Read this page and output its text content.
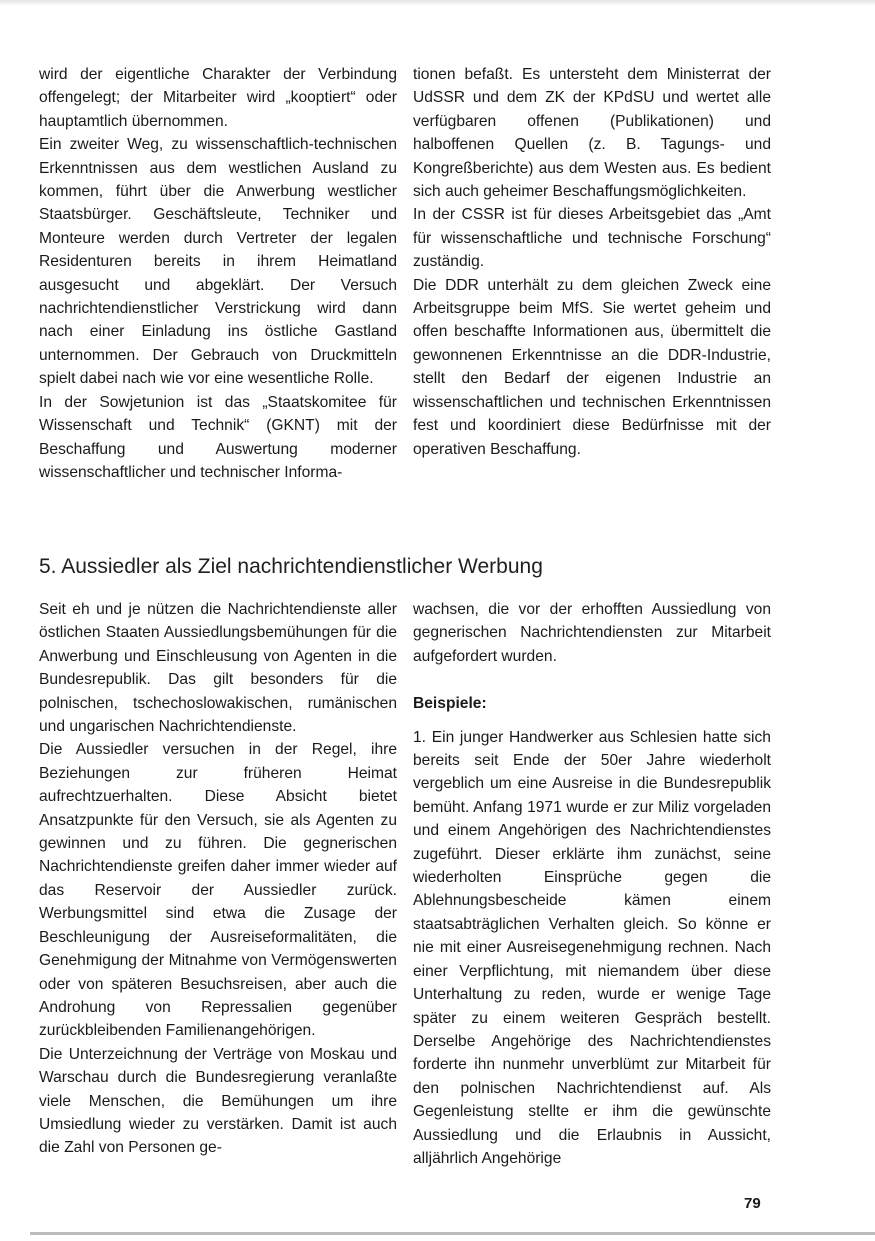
wird der eigentliche Charakter der Verbindung offengelegt; der Mitarbeiter wird „kooptiert“ oder hauptamtlich übernommen.

Ein zweiter Weg, zu wissenschaftlich-technischen Erkenntnissen aus dem westlichen Ausland zu kommen, führt über die Anwerbung westlicher Staatsbürger. Geschäftsleute, Techniker und Monteure werden durch Vertreter der legalen Residenturen bereits in ihrem Heimatland ausgesucht und abgeklärt. Der Versuch nachrichtendienstlicher Verstrickung wird dann nach einer Einladung ins östliche Gastland unternommen. Der Gebrauch von Druckmitteln spielt dabei nach wie vor eine wesentliche Rolle.

In der Sowjetunion ist das „Staatskomitee für Wissenschaft und Technik“ (GKNT) mit der Beschaffung und Auswertung moderner wissenschaftlicher und technischer Informa-

tionen befaßt. Es untersteht dem Ministerrat der UdSSR und dem ZK der KPdSU und wertet alle verfügbaren offenen (Publikationen) und halboffenen Quellen (z. B. Tagungs- und Kongreßberichte) aus dem Westen aus. Es bedient sich auch geheimer Beschaffungsmöglichkeiten.

In der CSSR ist für dieses Arbeitsgebiet das „Amt für wissenschaftliche und technische Forschung“ zuständig.

Die DDR unterhält zu dem gleichen Zweck eine Arbeitsgruppe beim MfS. Sie wertet geheim und offen beschaffte Informationen aus, übermittelt die gewonnenen Erkenntnisse an die DDR-Industrie, stellt den Bedarf der eigenen Industrie an wissenschaftlichen und technischen Erkenntnissen fest und koordiniert diese Bedürfnisse mit der operativen Beschaffung.

5. Aussiedler als Ziel nachrichtendienstlicher Werbung

Seit eh und je nützen die Nachrichtendienste aller östlichen Staaten Aussiedlungsbemühungen für die Anwerbung und Einschleusung von Agenten in die Bundesrepublik. Das gilt besonders für die polnischen, tschechoslowakischen, rumänischen und ungarischen Nachrichtendienste.

Die Aussiedler versuchen in der Regel, ihre Beziehungen zur früheren Heimat aufrechtzuerhalten. Diese Absicht bietet Ansatzpunkte für den Versuch, sie als Agenten zu gewinnen und zu führen. Die gegnerischen Nachrichtendienste greifen daher immer wieder auf das Reservoir der Aussiedler zurück. Werbungsmittel sind etwa die Zusage der Beschleunigung der Ausreiseformalitäten, die Genehmigung der Mitnahme von Vermögenswerten oder von späteren Besuchsreisen, aber auch die Androhung von Repressalien gegenüber zurückbleibenden Familienangehörigen.

Die Unterzeichnung der Verträge von Moskau und Warschau durch die Bundesregierung veranlaßte viele Menschen, die Bemühungen um ihre Umsiedlung wieder zu verstärken. Damit ist auch die Zahl von Personen ge-

wachsen, die vor der erhofften Aussiedlung von gegnerischen Nachrichtendiensten zur Mitarbeit aufgefordert wurden.

Beispiele:

1. Ein junger Handwerker aus Schlesien hatte sich bereits seit Ende der 50er Jahre wiederholt vergeblich um eine Ausreise in die Bundesrepublik bemüht. Anfang 1971 wurde er zur Miliz vorgeladen und einem Angehörigen des Nachrichtendienstes zugeführt. Dieser erklärte ihm zunächst, seine wiederholten Einsprüche gegen die Ablehnungsbescheide kämen einem staatsabträglichen Verhalten gleich. So könne er nie mit einer Ausreisegenehmigung rechnen. Nach einer Verpflichtung, mit niemandem über diese Unterhaltung zu reden, wurde er wenige Tage später zu einem weiteren Gespräch bestellt. Derselbe Angehörige des Nachrichtendienstes forderte ihn nunmehr unverblümt zur Mitarbeit für den polnischen Nachrichtendienst auf. Als Gegenleistung stellte er ihm die gewünschte Aussiedlung und die Erlaubnis in Aussicht, alljährlich Angehörige

79
